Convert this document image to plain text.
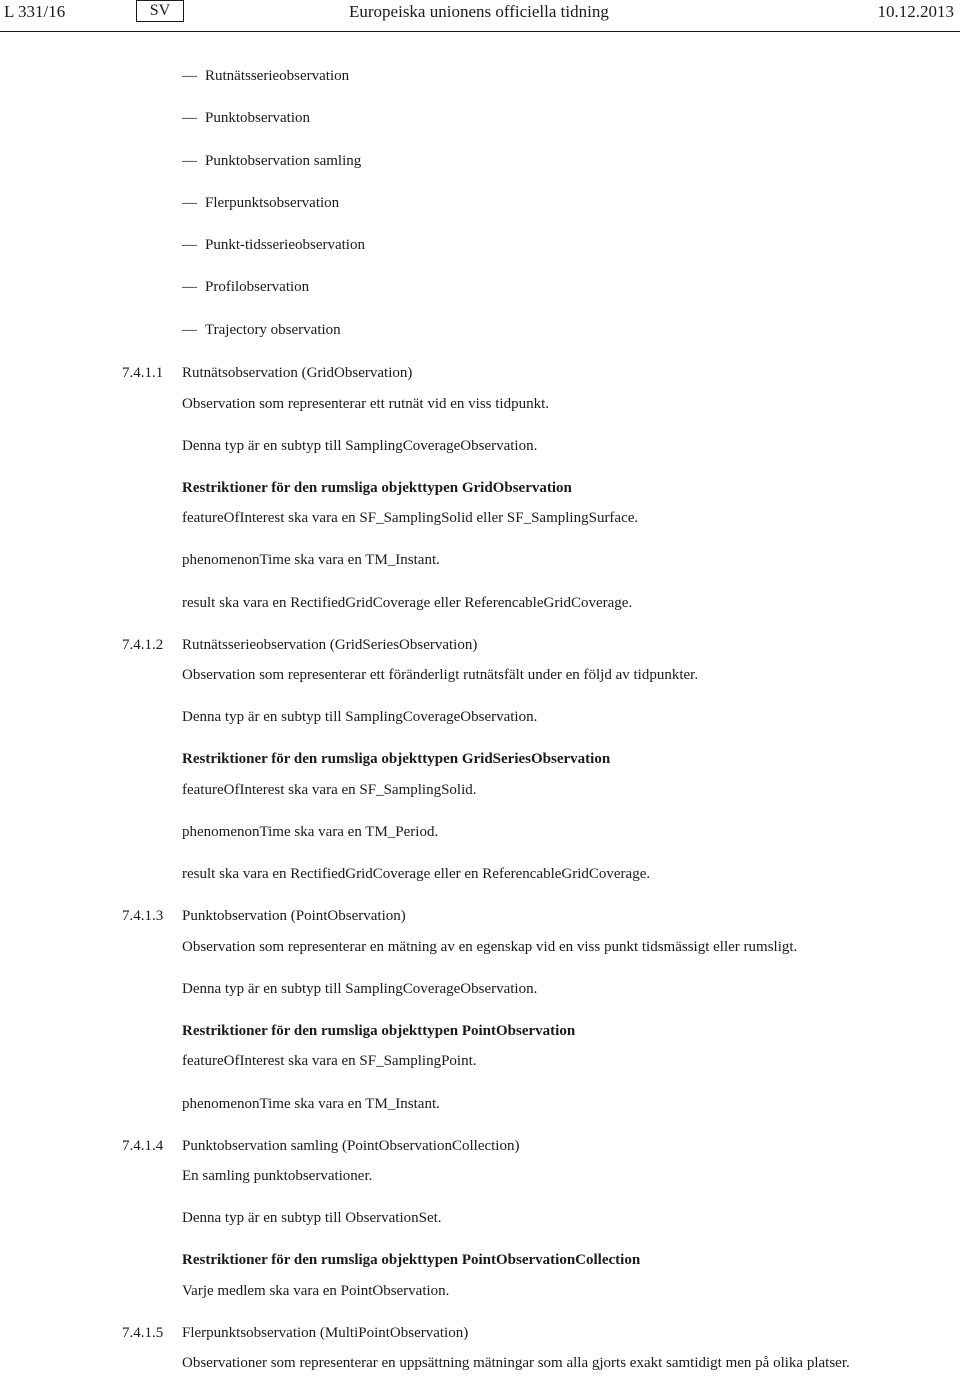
L 331/16	SV	Europeiska unionens officiella tidning	10.12.2013
— Rutnätsserieobservation
— Punktobservation
— Punktobservation samling
— Flerpunktsobservation
— Punkt-tidsserieobservation
— Profilobservation
— Trajectory observation
7.4.1.1 Rutnätsobservation (GridObservation)
Observation som representerar ett rutnät vid en viss tidpunkt.
Denna typ är en subtyp till SamplingCoverageObservation.
Restriktioner för den rumsliga objekttypen GridObservation
featureOfInterest ska vara en SF_SamplingSolid eller SF_SamplingSurface.
phenomenonTime ska vara en TM_Instant.
result ska vara en RectifiedGridCoverage eller ReferencableGridCoverage.
7.4.1.2 Rutnätsserieobservation (GridSeriesObservation)
Observation som representerar ett föränderligt rutnätsfält under en följd av tidpunkter.
Denna typ är en subtyp till SamplingCoverageObservation.
Restriktioner för den rumsliga objekttypen GridSeriesObservation
featureOfInterest ska vara en SF_SamplingSolid.
phenomenonTime ska vara en TM_Period.
result ska vara en RectifiedGridCoverage eller en ReferencableGridCoverage.
7.4.1.3 Punktobservation (PointObservation)
Observation som representerar en mätning av en egenskap vid en viss punkt tidsmässigt eller rumsligt.
Denna typ är en subtyp till SamplingCoverageObservation.
Restriktioner för den rumsliga objekttypen PointObservation
featureOfInterest ska vara en SF_SamplingPoint.
phenomenonTime ska vara en TM_Instant.
7.4.1.4 Punktobservation samling (PointObservationCollection)
En samling punktobservationer.
Denna typ är en subtyp till ObservationSet.
Restriktioner för den rumsliga objekttypen PointObservationCollection
Varje medlem ska vara en PointObservation.
7.4.1.5 Flerpunktsobservation (MultiPointObservation)
Observationer som representerar en uppsättning mätningar som alla gjorts exakt samtidigt men på olika platser.
